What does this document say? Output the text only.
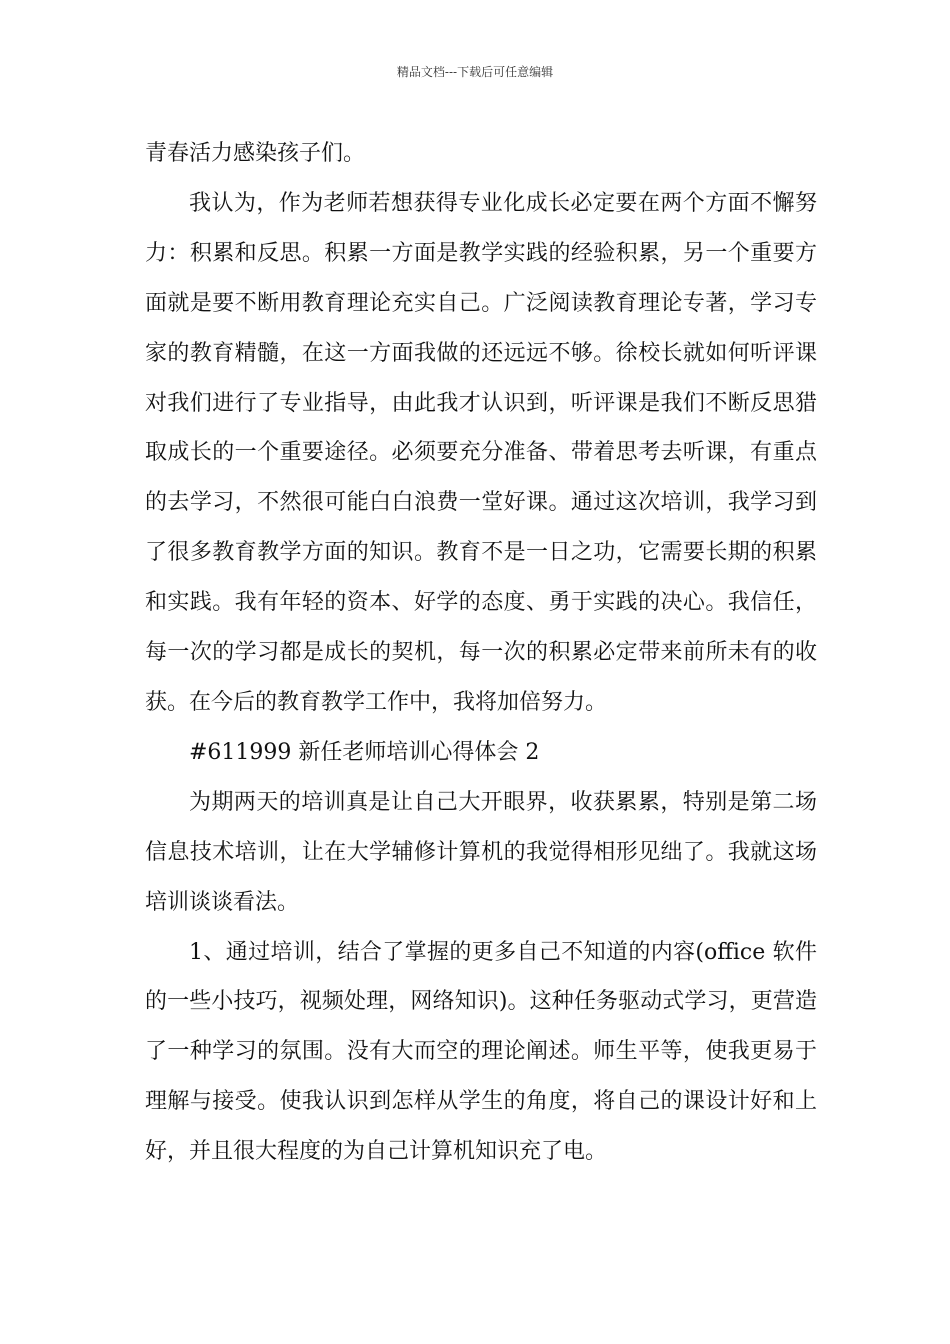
精品文档---下载后可任意编辑

青春活力感染孩子们。

我认为，作为老师若想获得专业化成长必定要在两个方面不懈努力：积累和反思。积累一方面是教学实践的经验积累，另一个重要方面就是要不断用教育理论充实自己。广泛阅读教育理论专著，学习专家的教育精髓，在这一方面我做的还远远不够。徐校长就如何听评课对我们进行了专业指导，由此我才认识到，听评课是我们不断反思猎取成长的一个重要途径。必须要充分准备、带着思考去听课，有重点的去学习，不然很可能白白浪费一堂好课。通过这次培训，我学习到了很多教育教学方面的知识。教育不是一日之功，它需要长期的积累和实践。我有年轻的资本、好学的态度、勇于实践的决心。我信任，每一次的学习都是成长的契机，每一次的积累必定带来前所未有的收获。在今后的教育教学工作中，我将加倍努力。

#611999 新任老师培训心得体会 2

为期两天的培训真是让自己大开眼界，收获累累，特别是第二场信息技术培训，让在大学辅修计算机的我觉得相形见绌了。我就这场培训谈谈看法。

1、通过培训，结合了掌握的更多自己不知道的内容(office 软件的一些小技巧，视频处理，网络知识)。这种任务驱动式学习，更营造了一种学习的氛围。没有大而空的理论阐述。师生平等，使我更易于理解与接受。使我认识到怎样从学生的角度，将自己的课设计好和上好，并且很大程度的为自己计算机知识充了电。
